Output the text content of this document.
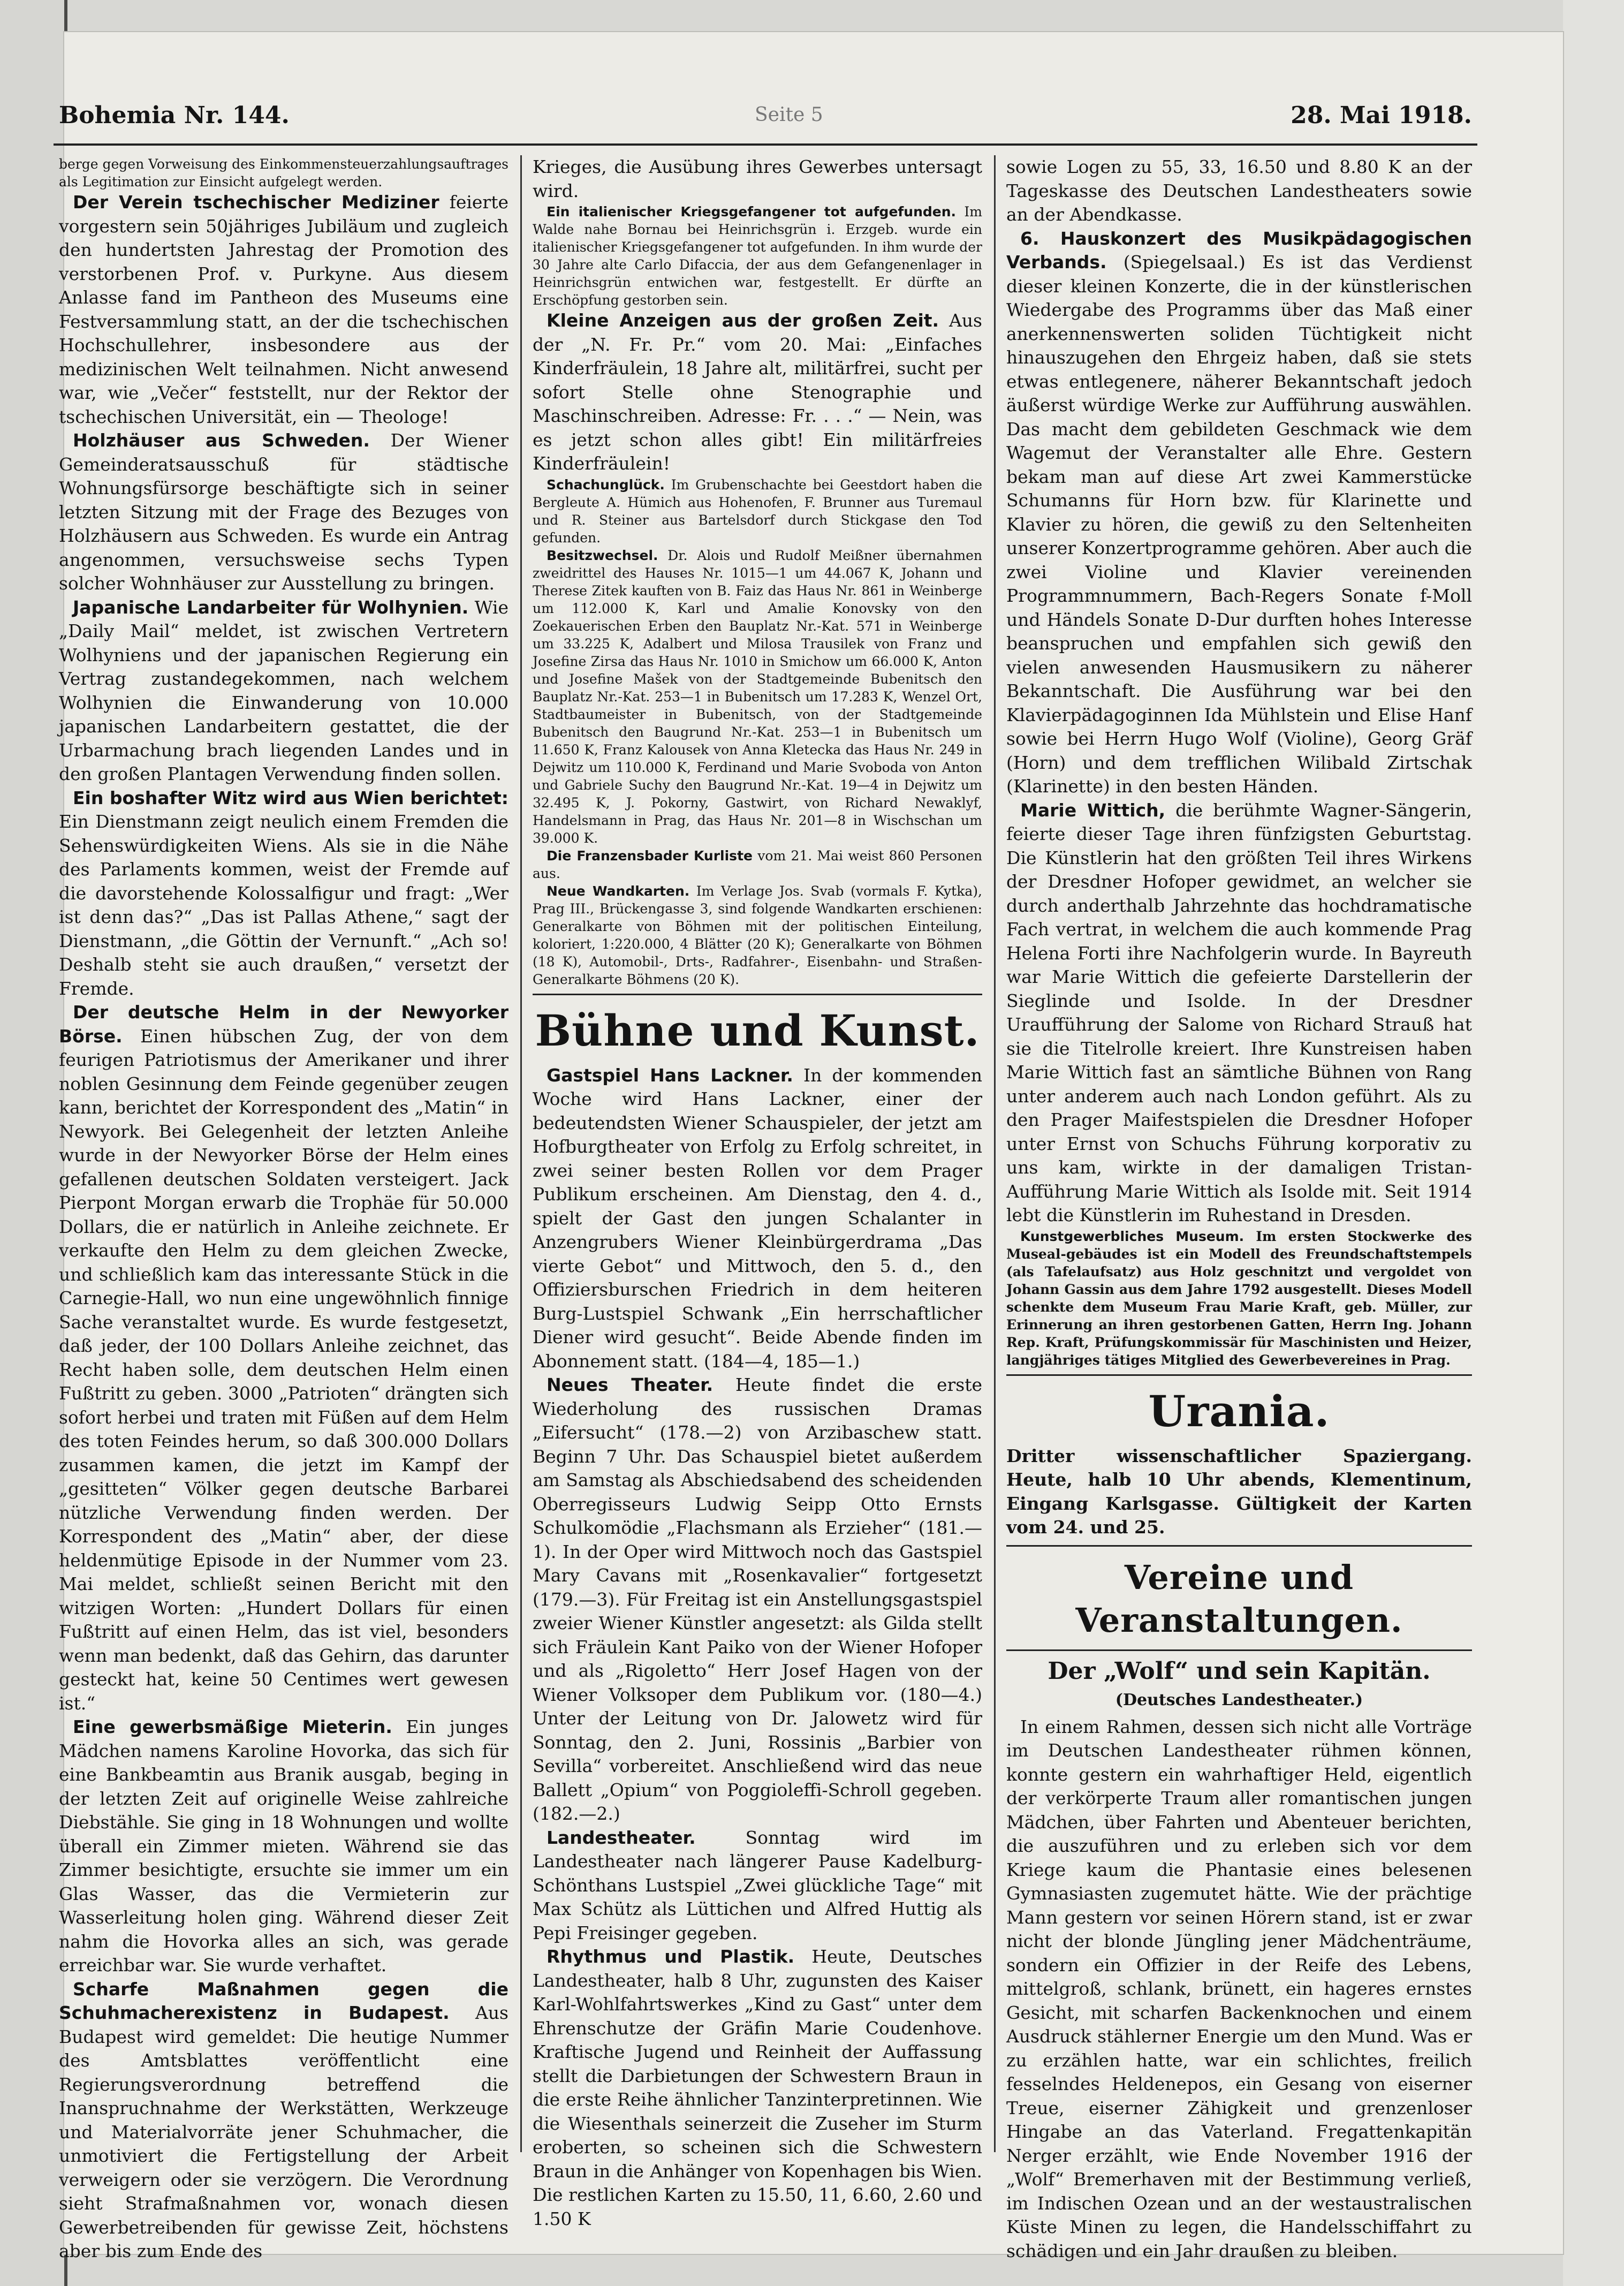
Bohemia Nr. 144.	Seite 5	28. Mai 1918.

berge gegen Vorweisung des Einkommensteuerzahlungsauftrages als Legitimation zur Einsicht aufgelegt werden.

Der Verein tschechischer Mediziner feierte vorgestern sein 50jähriges Jubiläum und zugleich den hundertsten Jahrestag der Promotion des verstorbenen Prof. v. Purkyne. Aus diesem Anlasse fand im Pantheon des Museums eine Festversammlung statt, an der die tschechischen Hochschullehrer, insbesondere aus der medizinischen Welt teilnahmen. Nicht anwesend war, wie „Večer“ feststellt, nur der Rektor der tschechischen Universität, ein — Theologe!

Holzhäuser aus Schweden. Der Wiener Gemeinderatsausschuß für städtische Wohnungsfürsorge beschäftigte sich in seiner letzten Sitzung mit der Frage des Bezuges von Holzhäusern aus Schweden. Es wurde ein Antrag angenommen, versuchsweise sechs Typen solcher Wohnhäuser zur Ausstellung zu bringen.

Japanische Landarbeiter für Wolhynien. Wie „Daily Mail“ meldet, ist zwischen Vertretern Wolhyniens und der japanischen Regierung ein Vertrag zustandegekommen, nach welchem Wolhynien die Einwanderung von 10.000 japanischen Landarbeitern gestattet, die der Urbarmachung brach liegenden Landes und in den großen Plantagen Verwendung finden sollen.

Ein boshafter Witz wird aus Wien berichtet: Ein Dienstmann zeigt neulich einem Fremden die Sehenswürdigkeiten Wiens. Als sie in die Nähe des Parlaments kommen, weist der Fremde auf die davorstehende Kolossalfigur und fragt: „Wer ist denn das?“ „Das ist Pallas Athene,“ sagt der Dienstmann, „die Göttin der Vernunft.“ „Ach so! Deshalb steht sie auch draußen,“ versetzt der Fremde.

Der deutsche Helm in der Newyorker Börse. Einen hübschen Zug, der von dem feurigen Patriotismus der Amerikaner und ihrer noblen Gesinnung dem Feinde gegenüber zeugen kann, berichtet der Korrespondent des „Matin“ in Newyork. Bei Gelegenheit der letzten Anleihe wurde in der Newyorker Börse der Helm eines gefallenen deutschen Soldaten versteigert. Jack Pierpont Morgan erwarb die Trophäe für 50.000 Dollars, die er natürlich in Anleihe zeichnete. Er verkaufte den Helm zu dem gleichen Zwecke, und schließlich kam das interessante Stück in die Carnegie-Hall, wo nun eine ungewöhnlich finnige Sache veranstaltet wurde. Es wurde festgesetzt, daß jeder, der 100 Dollars Anleihe zeichnet, das Recht haben solle, dem deutschen Helm einen Fußtritt zu geben. 3000 „Patrioten“ drängten sich sofort herbei und traten mit Füßen auf dem Helm des toten Feindes herum, so daß 300.000 Dollars zusammen kamen, die jetzt im Kampf der „gesitteten“ Völker gegen deutsche Barbarei nützliche Verwendung finden werden. Der Korrespondent des „Matin“ aber, der diese heldenmütige Episode in der Nummer vom 23. Mai meldet, schließt seinen Bericht mit den witzigen Worten: „Hundert Dollars für einen Fußtritt auf einen Helm, das ist viel, besonders wenn man bedenkt, daß das Gehirn, das darunter gesteckt hat, keine 50 Centimes wert gewesen ist.“

Eine gewerbsmäßige Mieterin. Ein junges Mädchen namens Karoline Hovorka, das sich für eine Bankbeamtin aus Branik ausgab, beging in der letzten Zeit auf originelle Weise zahlreiche Diebstähle. Sie ging in 18 Wohnungen und wollte überall ein Zimmer mieten. Während sie das Zimmer besichtigte, ersuchte sie immer um ein Glas Wasser, das die Vermieterin zur Wasserleitung holen ging. Während dieser Zeit nahm die Hovorka alles an sich, was gerade erreichbar war. Sie wurde verhaftet.

Scharfe Maßnahmen gegen die Schuhmacherexistenz in Budapest. Aus Budapest wird gemeldet: Die heutige Nummer des Amtsblattes veröffentlicht eine Regierungsverordnung betreffend die Inanspruchnahme der Werkstätten, Werkzeuge und Materialvorräte jener Schuhmacher, die unmotiviert die Fertigstellung der Arbeit verweigern oder sie verzögern. Die Verordnung sieht Strafmaßnahmen vor, wonach diesen Gewerbetreibenden für gewisse Zeit, höchstens aber bis zum Ende des

Krieges, die Ausübung ihres Gewerbes untersagt wird.

Ein italienischer Kriegsgefangener tot aufgefunden. Im Walde nahe Bornau bei Heinrichsgrün i. Erzgeb. wurde ein italienischer Kriegsgefangener tot aufgefunden. In ihm wurde der 30 Jahre alte Carlo Difaccia, der aus dem Gefangenenlager in Heinrichsgrün entwichen war, festgestellt. Er dürfte an Erschöpfung gestorben sein.

Kleine Anzeigen aus der großen Zeit. Aus der „N. Fr. Pr.“ vom 20. Mai: „Einfaches Kinderfräulein, 18 Jahre alt, militärfrei, sucht per sofort Stelle ohne Stenographie und Maschinschreiben. Adresse: Fr. . . .“ — Nein, was es jetzt schon alles gibt! Ein militärfreies Kinderfräulein!

Schachunglück. Im Grubenschachte bei Geestdort haben die Bergleute A. Hümich aus Hohenofen, F. Brunner aus Turemaul und R. Steiner aus Bartelsdorf durch Stickgase den Tod gefunden.

Besitzwechsel. Dr. Alois und Rudolf Meißner übernahmen zweidrittel des Hauses Nr. 1015—1 um 44.067 K, Johann und Therese Zitek kauften von B. Faiz das Haus Nr. 861 in Weinberge um 112.000 K, Karl und Amalie Konovsky von den Zoekauerischen Erben den Bauplatz Nr.-Kat. 571 in Weinberge um 33.225 K, Adalbert und Milosa Trausilek von Franz und Josefine Zirsa das Haus Nr. 1010 in Smichow um 66.000 K, Anton und Josefine Mašek von der Stadtgemeinde Bubenitsch den Bauplatz Nr.-Kat. 253—1 in Bubenitsch um 17.283 K, Wenzel Ort, Stadtbaumeister in Bubenitsch, von der Stadtgemeinde Bubenitsch den Baugrund Nr.-Kat. 253—1 in Bubenitsch um 11.650 K, Franz Kalousek von Anna Kletecka das Haus Nr. 249 in Dejwitz um 110.000 K, Ferdinand und Marie Svoboda von Anton und Gabriele Suchy den Baugrund Nr.-Kat. 19—4 in Dejwitz um 32.495 K, J. Pokorny, Gastwirt, von Richard Newaklyf, Handelsmann in Prag, das Haus Nr. 201—8 in Wischschan um 39.000 K.

Die Franzensbader Kurliste vom 21. Mai weist 860 Personen aus.

Neue Wandkarten. Im Verlage Jos. Svab (vormals F. Kytka), Prag III., Brückengasse 3, sind folgende Wandkarten erschienen: Generalkarte von Böhmen mit der politischen Einteilung, koloriert, 1:220.000, 4 Blätter (20 K); Generalkarte von Böhmen (18 K), Automobil-, Drts-, Radfahrer-, Eisenbahn- und Straßen-Generalkarte Böhmens (20 K).

Bühne und Kunst.

Gastspiel Hans Lackner. In der kommenden Woche wird Hans Lackner, einer der bedeutendsten Wiener Schauspieler, der jetzt am Hofburgtheater von Erfolg zu Erfolg schreitet, in zwei seiner besten Rollen vor dem Prager Publikum erscheinen. Am Dienstag, den 4. d., spielt der Gast den jungen Schalanter in Anzengrubers Wiener Kleinbürgerdrama „Das vierte Gebot“ und Mittwoch, den 5. d., den Offiziersburschen Friedrich in dem heiteren Burg-Lustspiel Schwank „Ein herrschaftlicher Diener wird gesucht“. Beide Abende finden im Abonnement statt. (184—4, 185—1.)

Neues Theater. Heute findet die erste Wiederholung des russischen Dramas „Eifersucht“ (178.—2) von Arzibaschew statt. Beginn 7 Uhr. Das Schauspiel bietet außerdem am Samstag als Abschiedsabend des scheidenden Oberregisseurs Ludwig Seipp Otto Ernsts Schulkomödie „Flachsmann als Erzieher“ (181.—1). In der Oper wird Mittwoch noch das Gastspiel Mary Cavans mit „Rosenkavalier“ fortgesetzt (179.—3). Für Freitag ist ein Anstellungsgastspiel zweier Wiener Künstler angesetzt: als Gilda stellt sich Fräulein Kant Paiko von der Wiener Hofoper und als „Rigoletto“ Herr Josef Hagen von der Wiener Volksoper dem Publikum vor. (180—4.) Unter der Leitung von Dr. Jalowetz wird für Sonntag, den 2. Juni, Rossinis „Barbier von Sevilla“ vorbereitet. Anschließend wird das neue Ballett „Opium“ von Poggioleffi-Schroll gegeben. (182.—2.)

Landestheater.	Sonntag wird im Landestheater nach längerer Pause Kadelburg-Schönthans Lustspiel „Zwei glückliche Tage“ mit Max Schütz als Lüttichen und Alfred Huttig als Pepi Freisinger gegeben.

Rhythmus und Plastik. Heute, Deutsches Landestheater, halb 8 Uhr, zugunsten des Kaiser Karl-Wohlfahrtswerkes „Kind zu Gast“ unter dem Ehrenschutze der Gräfin Marie Coudenhove. Kraftische Jugend und Reinheit der Auffassung stellt die Darbietungen der Schwestern Braun in die erste Reihe ähnlicher Tanzinterpretinnen. Wie die Wiesenthals seinerzeit die Zuseher im Sturm eroberten, so scheinen sich die Schwestern Braun in die Anhänger von Kopenhagen bis Wien. Die restlichen Karten zu 15.50, 11, 6.60, 2.60 und 1.50 K

sowie Logen zu 55, 33, 16.50 und 8.80 K an der Tageskasse des Deutschen Landestheaters sowie an der Abendkasse.

6. Hauskonzert des Musikpädagogischen Verbands. (Spiegelsaal.) Es ist das Verdienst dieser kleinen Konzerte, die in der künstlerischen Wiedergabe des Programms über das Maß einer anerkennenswerten soliden Tüchtigkeit nicht hinauszugehen den Ehrgeiz haben, daß sie stets etwas entlegenere, näherer Bekanntschaft jedoch äußerst würdige Werke zur Aufführung auswählen. Das macht dem gebildeten Geschmack wie dem Wagemut der Veranstalter alle Ehre. Gestern bekam man auf diese Art zwei Kammerstücke Schumanns für Horn bzw. für Klarinette und Klavier zu hören, die gewiß zu den Seltenheiten unserer Konzertprogramme gehören. Aber auch die zwei Violine und Klavier vereinenden Programmnummern, Bach-Regers Sonate f-Moll und Händels Sonate D-Dur durften hohes Interesse beanspruchen und empfahlen sich gewiß den vielen anwesenden Hausmusikern zu näherer Bekanntschaft. Die Ausführung war bei den Klavierpädagoginnen Ida Mühlstein und Elise Hanf sowie bei Herrn Hugo Wolf (Violine), Georg Gräf (Horn) und dem trefflichen Wilibald Zirtschak (Klarinette) in den besten Händen.

Marie Wittich, die berühmte Wagner-Sängerin, feierte dieser Tage ihren fünfzigsten Geburtstag. Die Künstlerin hat den größten Teil ihres Wirkens der Dresdner Hofoper gewidmet, an welcher sie durch anderthalb Jahrzehnte das hochdramatische Fach vertrat, in welchem die auch kommende Prag Helena Forti ihre Nachfolgerin wurde. In Bayreuth war Marie Wittich die gefeierte Darstellerin der Sieglinde und Isolde. In der Dresdner Uraufführung der Salome von Richard Strauß hat sie die Titelrolle kreiert. Ihre Kunstreisen haben Marie Wittich fast an sämtliche Bühnen von Rang unter anderem auch nach London geführt. Als zu den Prager Maifestspielen die Dresdner Hofoper unter Ernst von Schuchs Führung korporativ zu uns kam, wirkte in der damaligen Tristan-Aufführung Marie Wittich als Isolde mit. Seit 1914 lebt die Künstlerin im Ruhestand in Dresden.

Kunstgewerbliches Museum. Im ersten Stockwerke des Museal-gebäudes ist ein Modell des Freundschaftstempels (als Tafelaufsatz) aus Holz geschnitzt und vergoldet von Johann Gassin aus dem Jahre 1792 ausgestellt. Dieses Modell schenkte dem Museum Frau Marie Kraft, geb. Müller, zur Erinnerung an ihren gestorbenen Gatten, Herrn Ing. Johann Rep. Kraft, Prüfungskommissär für Maschinisten und Heizer, langjähriges tätiges Mitglied des Gewerbevereines in Prag.

Urania.

Dritter wissenschaftlicher Spaziergang. Heute, halb 10 Uhr abends, Klementinum, Eingang Karlsgasse. Gültigkeit der Karten vom 24. und 25.

Vereine und Veranstaltungen.
Der „Wolf“ und sein Kapitän.
(Deutsches Landestheater.)

In einem Rahmen, dessen sich nicht alle Vorträge im Deutschen Landestheater rühmen können, konnte gestern ein wahrhaftiger Held, eigentlich der verkörperte Traum aller romantischen jungen Mädchen, über Fahrten und Abenteuer berichten, die auszuführen und zu erleben sich vor dem Kriege kaum die Phantasie eines belesenen Gymnasiasten zugemutet hätte. Wie der prächtige Mann gestern vor seinen Hörern stand, ist er zwar nicht der blonde Jüngling jener Mädchenträume, sondern ein Offizier in der Reife des Lebens, mittelgroß, schlank, brünett, ein hageres ernstes Gesicht, mit scharfen Backenknochen und einem Ausdruck stählerner Energie um den Mund. Was er zu erzählen hatte, war ein schlichtes, freilich fesselndes Heldenepos, ein Gesang von eiserner Treue, eiserner Zähigkeit und grenzenloser Hingabe an das Vaterland. Fregattenkapitän Nerger erzählt, wie Ende November 1916 der „Wolf“ Bremerhaven mit der Bestimmung verließ, im Indischen Ozean und an der westaustralischen Küste Minen zu legen, die Handelsschiffahrt zu schädigen und ein Jahr draußen zu bleiben.
